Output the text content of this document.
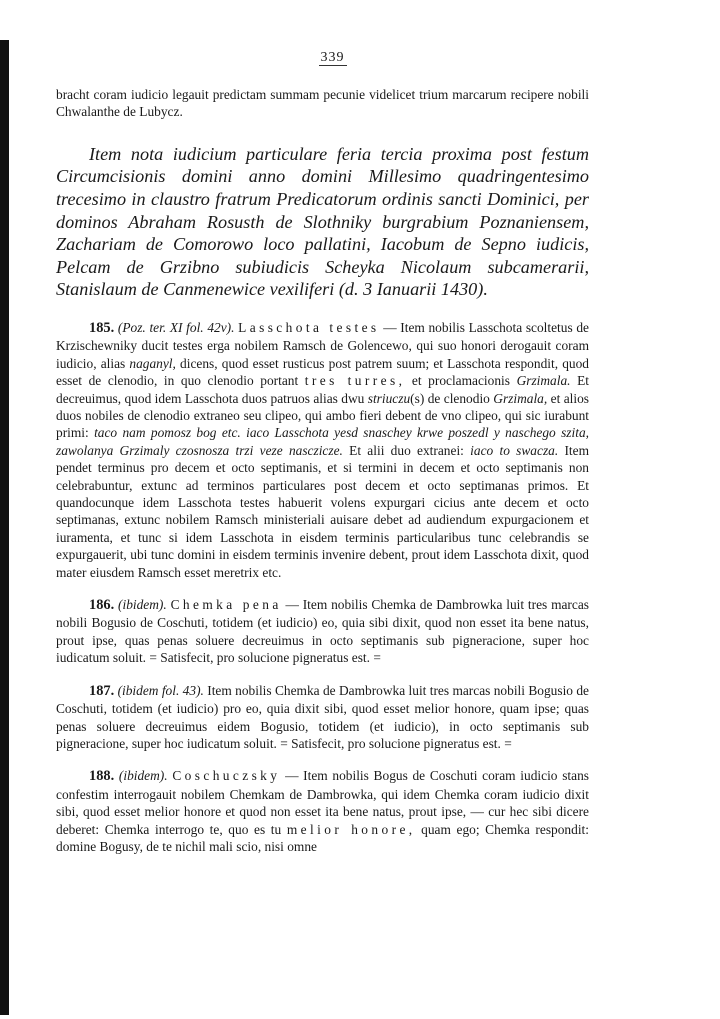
339

bracht coram iudicio legauit predictam summam pecunie videlicet trium marcarum recipere nobili Chwalanthe de Lubycz.

Item nota iudicium particulare feria tercia proxima post festum Circumcisionis domini anno domini Millesimo quadringentesimo trecesimo in claustro fratrum Predicatorum ordinis sancti Dominici, per dominos Abraham Rosusth de Slothniky burgrabium Poznaniensem, Zachariam de Comorowo loco pallatini, Iacobum de Sepno iudicis, Pelcam de Grzibno subiudicis Scheyka Nicolaum subcamerarii, Stanislaum de Canmenewice vexiliferi (d. 3 Ianuarii 1430).

185. (Poz. ter. XI fol. 42v). Lasschota testes — Item nobilis Lasschota scoltetus de Krzischewniky ducit testes erga nobilem Ramsch de Golencewo, qui suo honori derogauit coram iudicio, alias naganyl, dicens, quod esset rusticus post patrem suum; et Lasschota respondit, quod esset de clenodio, in quo clenodio portant tres turres, et proclamacionis Grzimala. Et decreuimus, quod idem Lasschota duos patruos alias dwu striuczu(s) de clenodio Grzimala, et alios duos nobiles de clenodio extraneo seu clipeo, qui ambo fieri debent de vno clipeo, qui sic iurabunt primi: taco nam pomosz bog etc. iaco Lasschota yesd snaschey krwe poszedl y naschego szita, zawolanya Grzimaly czosnosza trzi veze nasczicze. Et alii duo extranei: iaco to swacza. Item pendet terminus pro decem et octo septimanis, et si termini in decem et octo septimanis non celebrabuntur, extunc ad terminos particulares post decem et octo septimanas primos. Et quandocunque idem Lasschota testes habuerit volens expurgari cicius ante decem et octo septimanas, extunc nobilem Ramsch ministeriali auisare debet ad audiendum expurgacionem et iuramenta, et tunc si idem Lasschota in eisdem terminis particularibus tunc celebrandis se expurgauerit, ubi tunc domini in eisdem terminis invenire debent, prout idem Lasschota dixit, quod mater eiusdem Ramsch esset meretrix etc.

186. (ibidem). Chemka pena — Item nobilis Chemka de Dambrowka luit tres marcas nobili Bogusio de Coschuti, totidem (et iudicio) eo, quia sibi dixit, quod non esset ita bene natus, prout ipse, quas penas soluere decreuimus in octo septimanis sub pigneracione, super hoc iudicatum soluit. = Satisfecit, pro solucione pigneratus est. =

187. (ibidem fol. 43). Item nobilis Chemka de Dambrowka luit tres marcas nobili Bogusio de Coschuti, totidem (et iudicio) pro eo, quia dixit sibi, quod esset melior honore, quam ipse; quas penas soluere decreuimus eidem Bogusio, totidem (et iudicio), in octo septimanis sub pigneracione, super hoc iudicatum soluit. = Satisfecit, pro solucione pigneratus est. =

188. (ibidem). Coschuczsky — Item nobilis Bogus de Coschuti coram iudicio stans confestim interrogauit nobilem Chemkam de Dambrowka, qui idem Chemka coram iudicio dixit sibi, quod esset melior honore et quod non esset ita bene natus, prout ipse, — cur hec sibi dicere deberet: Chemka interrogo te, quo es tu melior honore, quam ego; Chemka respondit: domine Bogusy, de te nichil mali scio, nisi omne
